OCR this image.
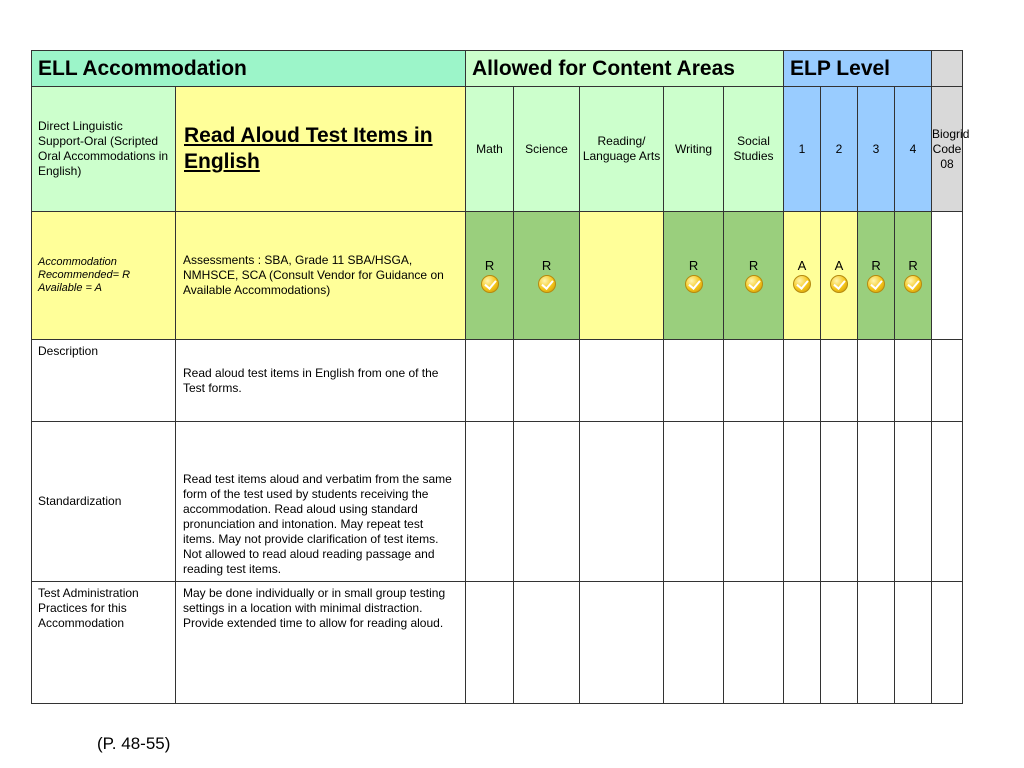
ELL Accommodation		Allowed for Content Areas					ELP Level				
Direct Linguistic Support-Oral (Scripted Oral Accommodations in English)	Read Aloud Test Items in English	Math	Science	Reading/ Language Arts	Writing	Social Studies	1	2	3	4	Biogrid Code 08
Accommodation Recommended= R Available = A	Assessments : SBA, Grade 11 SBA/HSGA, NMHSCE, SCA (Consult Vendor for Guidance on Available Accommodations)	R	R		R	R	A	A	R	R	

Description	Read aloud test items in English from one of the Test forms.										
Standardization	Read test items aloud and verbatim from the same form of the test used by students receiving the accommodation. Read aloud using standard pronunciation and intonation. May repeat test items. May not provide clarification of test items. Not allowed to read aloud reading passage and reading test items.										
Test Administration Practices for this Accommodation	May be done individually or in small group testing settings in a location with minimal distraction. Provide extended time to allow for reading aloud.										
(P. 48-55)
